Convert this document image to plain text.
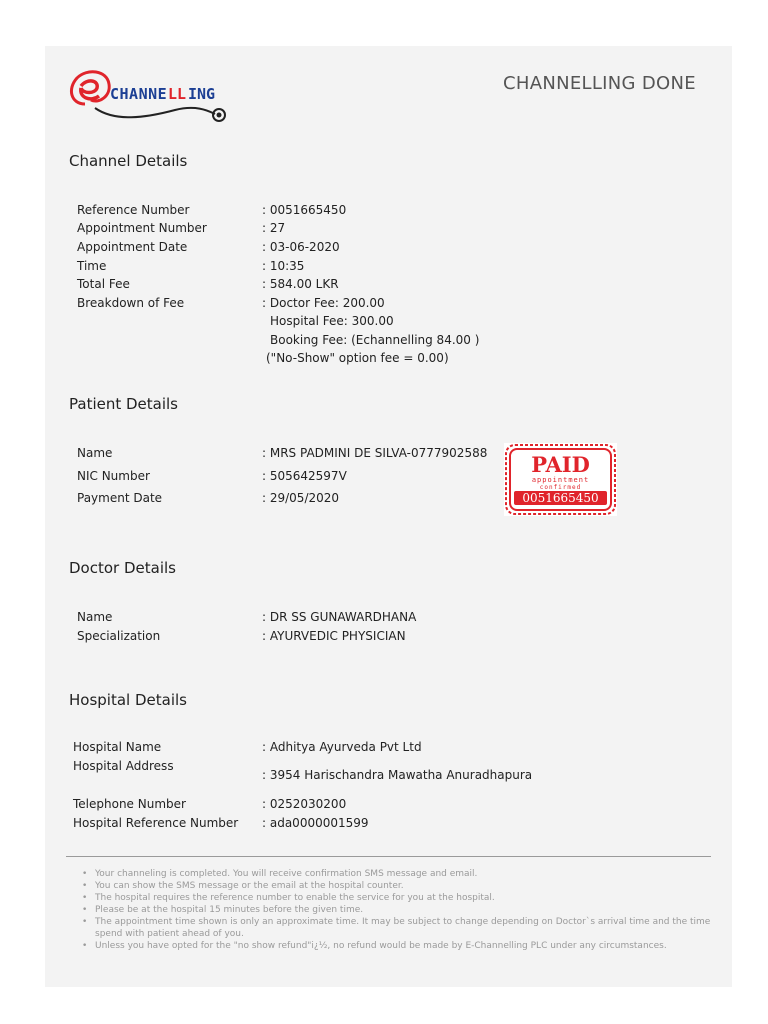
CHANNE LL ING	CHANNELLING DONE
Channel Details
Reference Number	: 0051665450
Appointment Number	: 27
Appointment Date	: 03-06-2020
Time	: 10:35
Total Fee	: 584.00 LKR
Breakdown of Fee	: Doctor Fee: 200.00
Hospital Fee: 300.00
Booking Fee: (Echannelling 84.00 )
("No-Show" option fee = 0.00)
Patient Details
Name	: MRS PADMINI DE SILVA-0777902588
NIC Number	: 505642597V
Payment Date	: 29/05/2020
PAID
appointment
confirmed
0051665450
Doctor Details
Name	: DR SS GUNAWARDHANA
Specialization	: AYURVEDIC PHYSICIAN
Hospital Details
Hospital Name	: Adhitya Ayurveda Pvt Ltd
Hospital Address
: 3954 Harischandra Mawatha Anuradhapura
Telephone Number	: 0252030200
Hospital Reference Number : ada0000001599
• Your channeling is completed. You will receive confirmation SMS message and email.
• You can show the SMS message or the email at the hospital counter.
• The hospital requires the reference number to enable the service for you at the hospital.
• Please be at the hospital 15 minutes before the given time.
• The appointment time shown is only an approximate time. It may be subject to change depending on Doctor`s arrival time and the time spend with patient ahead of you.
• Unless you have opted for the "no show refund"i¿½, no refund would be made by E-Channelling PLC under any circumstances.
